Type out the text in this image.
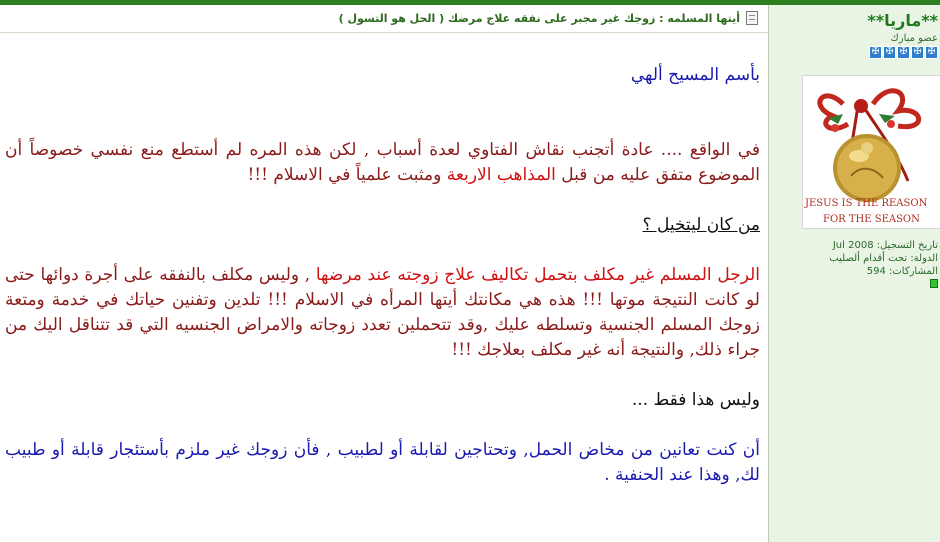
أيتها المسلمه : زوجك غير مجبر على نفقه علاج مرضك ( الحل هو التسول )

بأسم المسيح ألهي

في الواقع .... عادة أتجنب نقاش الفتاوي لعدة أسباب , لكن هذه المره لم أستطع منع نفسي خصوصاً أن الموضوع متفق عليه من قبل المذاهب الاربعة ومثبت علمياً في الاسلام !!!

من كان ليتخيل ؟

الرجل المسلم غير مكلف بتحمل تكاليف علاج زوجته عند مرضها , وليس مكلف بالنفقه على أجرة دوائها حتى لو كانت النتيجة موتها !!! هذه هي مكانتك أيتها المرأه في الاسلام !!! تلدين وتفنين حياتك في خدمة ومتعة زوجك المسلم الجنسية وتسلطه عليك ,وقد تتحملين تعدد زوجاته والامراض الجنسيه التي قد تتناقل اليك من جراء ذلك, والنتيجة أنه غير مكلف بعلاجك !!!

وليس هذا فقط ...

أن كنت تعانين من مخاض الحمل, وتحتاجين لقابلة أو لطبيب , فأن زوجك غير ملزم بأستئجار قابلة أو طبيب لك, وهذا عند الحنفية .

**ماريا**
عضو مبارك
✠ ✠ ✠ ✠ ✠
JESUS IS THE REASON
FOR THE SEASON
تاريخ التسجيل: Jul 2008
الدولة: تحت أقدام ألصليب
المشاركات: 594
